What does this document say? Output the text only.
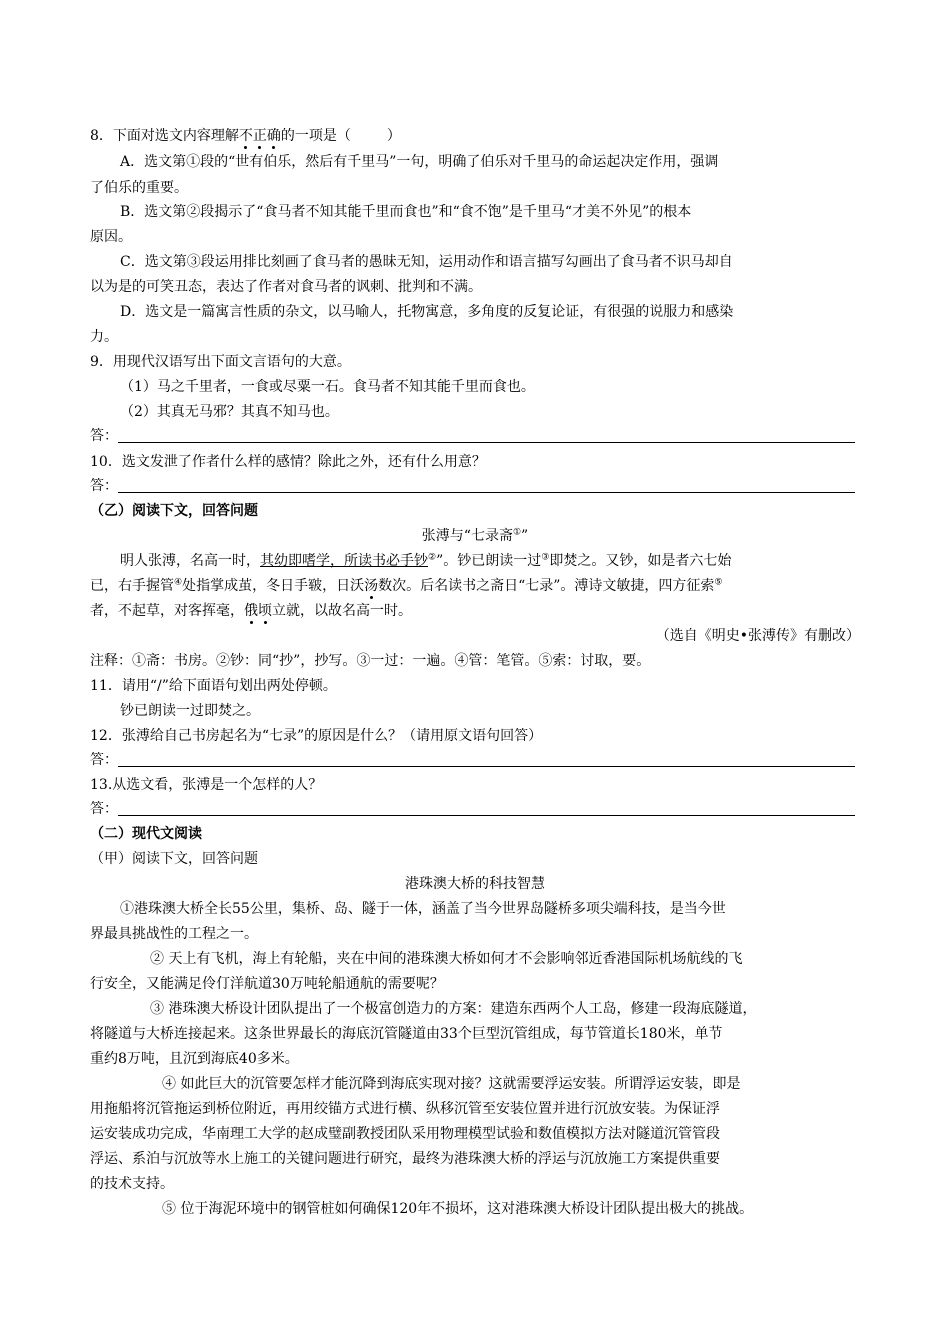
8．下面对选文内容理解不正确的一项是（	）
A．选文第①段的“世有伯乐，然后有千里马”一句，明确了伯乐对千里马的命运起决定作用，强调
了伯乐的重要。
B．选文第②段揭示了“食马者不知其能千里而食也”和“食不饱”是千里马“才美不外见”的根本
原因。
C．选文第③段运用排比刻画了食马者的愚昧无知，运用动作和语言描写勾画出了食马者不识马却自
以为是的可笑丑态，表达了作者对食马者的讽刺、批判和不满。
D．选文是一篇寓言性质的杂文，以马喻人，托物寓意，多角度的反复论证，有很强的说服力和感染
力。
9．用现代汉语写出下面文言语句的大意。
（1）马之千里者，一食或尽粟一石。食马者不知其能千里而食也。
（2）其真无马邪？其真不知马也。
答：
10．选文发泄了作者什么样的感情？除此之外，还有什么用意？
答：
（乙）阅读下文，回答问题
张溥与“七录斋①”
明人张溥，名高一时，其幼即嗜学，所读书必手钞②”。钞已朗读一过③即焚之。又钞，如是者六七始
已，右手握管④处指掌成茧，冬日手皲，日沃汤数次。后名读书之斋日“七录”。溥诗文敏捷，四方征索⑤
者，不起草，对客挥毫，俄顷立就，以故名高一时。
（选自《明史•张溥传》有删改）
注释：①斋：书房。②钞：同“抄”，抄写。③一过：一遍。④管：笔管。⑤索：讨取，要。
11．请用“/”给下面语句划出两处停顿。
钞已朗读一过即焚之。
12．张溥给自己书房起名为“七录”的原因是什么？（请用原文语句回答）
答：
13.从选文看，张溥是一个怎样的人？
答：
（二）现代文阅读
（甲）阅读下文，回答问题
港珠澳大桥的科技智慧
①港珠澳大桥全长55公里，集桥、岛、隧于一体，涵盖了当今世界岛隧桥多项尖端科技，是当今世
界最具挑战性的工程之一。
② 天上有飞机，海上有轮船，夹在中间的港珠澳大桥如何才不会影响邻近香港国际机场航线的飞
行安全，又能满足伶仃洋航道30万吨轮船通航的需要呢？
③ 港珠澳大桥设计团队提出了一个极富创造力的方案：建造东西两个人工岛，修建一段海底隧道，
将隧道与大桥连接起来。这条世界最长的海底沉管隧道由33个巨型沉管组成，每节管道长180米，单节
重约8万吨，且沉到海底40多米。
④ 如此巨大的沉管要怎样才能沉降到海底实现对接？这就需要浮运安装。所谓浮运安装，即是
用拖船将沉管拖运到桥位附近，再用绞锚方式进行横、纵移沉管至安装位置并进行沉放安装。为保证浮
运安装成功完成，华南理工大学的赵成璧副教授团队采用物理模型试验和数值模拟方法对隧道沉管管段
浮运、系泊与沉放等水上施工的关键问题进行研究，最终为港珠澳大桥的浮运与沉放施工方案提供重要
的技术支持。
⑤ 位于海泥环境中的钢管桩如何确保120年不损坏，这对港珠澳大桥设计团队提出极大的挑战。
